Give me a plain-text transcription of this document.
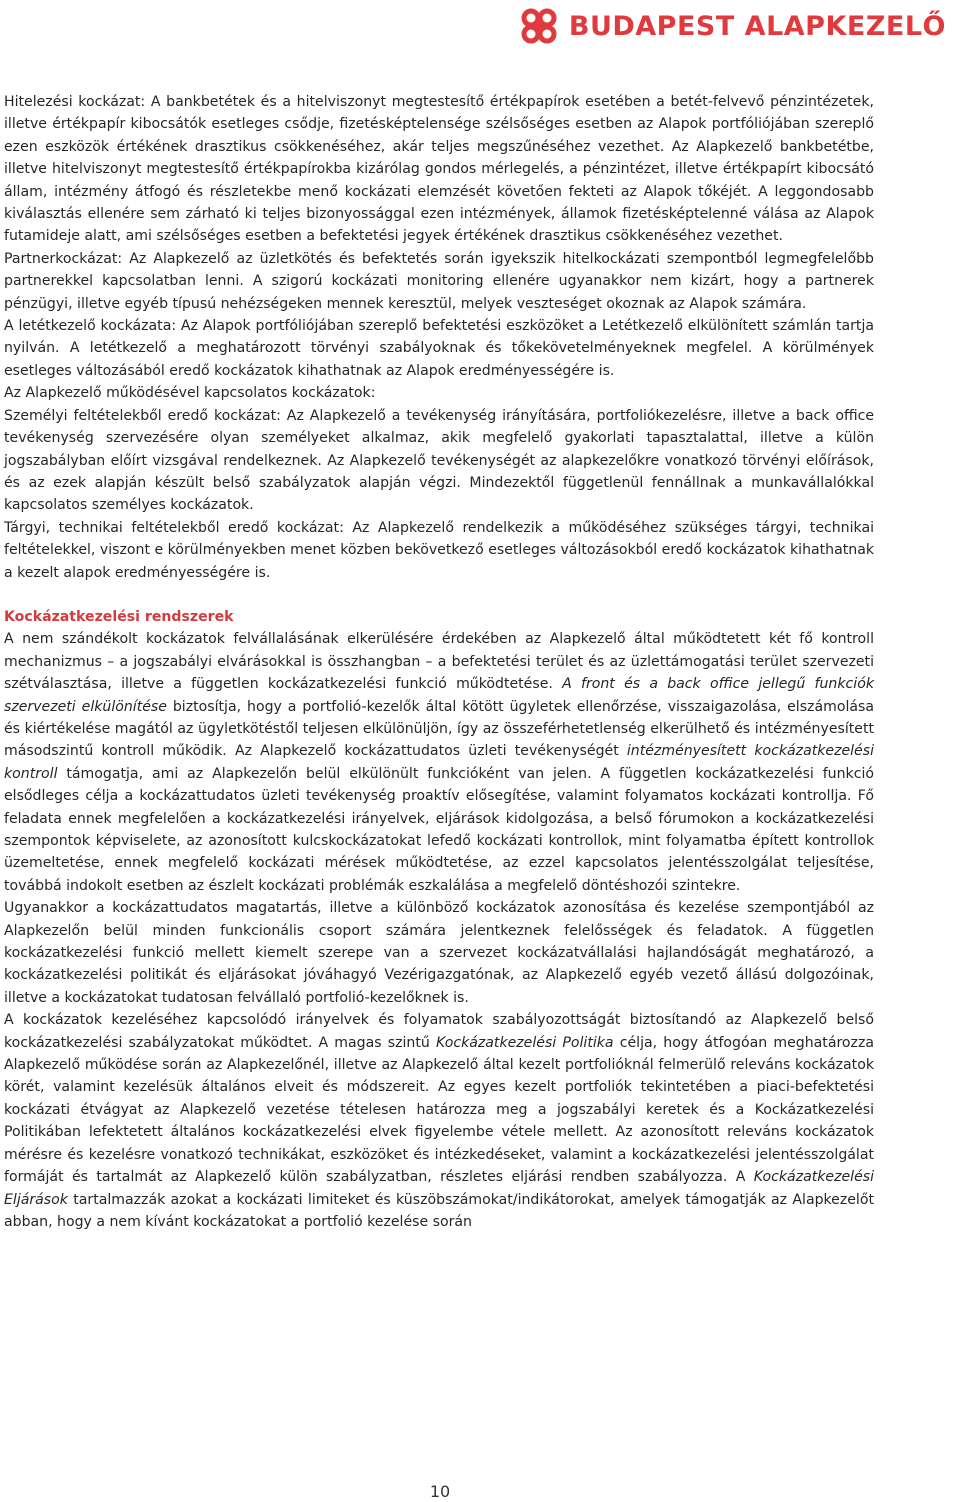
BUDAPEST ALAPKEZELŐ

Hitelezési kockázat: A bankbetétek és a hitelviszonyt megtestesítő értékpapírok esetében a betét-felvevő pénzintézetek, illetve értékpapír kibocsátók esetleges csődje, fizetésképtelensége szélsőséges esetben az Alapok portfóliójában szereplő ezen eszközök értékének drasztikus csökkenéséhez, akár teljes megszűnéséhez vezethet. Az Alapkezelő bankbetétbe, illetve hitelviszonyt megtestesítő értékpapírokba kizárólag gondos mérlegelés, a pénzintézet, illetve értékpapírt kibocsátó állam, intézmény átfogó és részletekbe menő kockázati elemzését követően fekteti az Alapok tőkéjét. A leggondosabb kiválasztás ellenére sem zárható ki teljes bizonyossággal ezen intézmények, államok fizetésképtelenné válása az Alapok futamideje alatt, ami szélsőséges esetben a befektetési jegyek értékének drasztikus csökkenéséhez vezethet.

Partnerkockázat: Az Alapkezelő az üzletkötés és befektetés során igyekszik hitelkockázati szempontból legmegfelelőbb partnerekkel kapcsolatban lenni. A szigorú kockázati monitoring ellenére ugyanakkor nem kizárt, hogy a partnerek pénzügyi, illetve egyéb típusú nehézségeken mennek keresztül, melyek veszteséget okoznak az Alapok számára.

A letétkezelő kockázata: Az Alapok portfóliójában szereplő befektetési eszközöket a Letétkezelő elkülönített számlán tartja nyilván. A letétkezelő a meghatározott törvényi szabályoknak és tőkekövetelményeknek megfelel. A körülmények esetleges változásából eredő kockázatok kihathatnak az Alapok eredményességére is.

Az Alapkezelő működésével kapcsolatos kockázatok:

Személyi feltételekből eredő kockázat: Az Alapkezelő a tevékenység irányítására, portfoliókezelésre, illetve a back office tevékenység szervezésére olyan személyeket alkalmaz, akik megfelelő gyakorlati tapasztalattal, illetve a külön jogszabályban előírt vizsgával rendelkeznek. Az Alapkezelő tevékenységét az alapkezelőkre vonatkozó törvényi előírások, és az ezek alapján készült belső szabályzatok alapján végzi. Mindezektől függetlenül fennállnak a munkavállalókkal kapcsolatos személyes kockázatok.

Tárgyi, technikai feltételekből eredő kockázat: Az Alapkezelő rendelkezik a működéséhez szükséges tárgyi, technikai feltételekkel, viszont e körülményekben menet közben bekövetkező esetleges változásokból eredő kockázatok kihathatnak a kezelt alapok eredményességére is.

Kockázatkezelési rendszerek

A nem szándékolt kockázatok felvállalásának elkerülésére érdekében az Alapkezelő által működtetett két fő kontroll mechanizmus – a jogszabályi elvárásokkal is összhangban – a befektetési terület és az üzlettámogatási terület szervezeti szétválasztása, illetve a független kockázatkezelési funkció működtetése. A front és a back office jellegű funkciók szervezeti elkülönítése biztosítja, hogy a portfolió-kezelők által kötött ügyletek ellenőrzése, visszaigazolása, elszámolása és kiértékelése magától az ügyletkötéstől teljesen elkülönüljön, így az összeférhetetlenség elkerülhető és intézményesített másodszintű kontroll működik. Az Alapkezelő kockázattudatos üzleti tevékenységét intézményesített kockázatkezelési kontroll támogatja, ami az Alapkezelőn belül elkülönült funkcióként van jelen. A független kockázatkezelési funkció elsődleges célja a kockázattudatos üzleti tevékenység proaktív elősegítése, valamint folyamatos kockázati kontrollja. Fő feladata ennek megfelelően a kockázatkezelési irányelvek, eljárások kidolgozása, a belső fórumokon a kockázatkezelési szempontok képviselete, az azonosított kulcskockázatokat lefedő kockázati kontrollok, mint folyamatba épített kontrollok üzemeltetése, ennek megfelelő kockázati mérések működtetése, az ezzel kapcsolatos jelentésszolgálat teljesítése, továbbá indokolt esetben az észlelt kockázati problémák eszkalálása a megfelelő döntéshozói szintekre.

Ugyanakkor a kockázattudatos magatartás, illetve a különböző kockázatok azonosítása és kezelése szempontjából az Alapkezelőn belül minden funkcionális csoport számára jelentkeznek felelősségek és feladatok. A független kockázatkezelési funkció mellett kiemelt szerepe van a szervezet kockázatvállalási hajlandóságát meghatározó, a kockázatkezelési politikát és eljárásokat jóváhagyó Vezérigazgatónak, az Alapkezelő egyéb vezető állású dolgozóinak, illetve a kockázatokat tudatosan felvállaló portfolió-kezelőknek is.

A kockázatok kezeléséhez kapcsolódó irányelvek és folyamatok szabályozottságát biztosítandó az Alapkezelő belső kockázatkezelési szabályzatokat működtet. A magas szintű Kockázatkezelési Politika célja, hogy átfogóan meghatározza Alapkezelő működése során az Alapkezelőnél, illetve az Alapkezelő által kezelt portfolióknál felmerülő releváns kockázatok körét, valamint kezelésük általános elveit és módszereit. Az egyes kezelt portfoliók tekintetében a piaci-befektetési kockázati étvágyat az Alapkezelő vezetése tételesen határozza meg a jogszabályi keretek és a Kockázatkezelési Politikában lefektetett általános kockázatkezelési elvek figyelembe vétele mellett. Az azonosított releváns kockázatok mérésre és kezelésre vonatkozó technikákat, eszközöket és intézkedéseket, valamint a kockázatkezelési jelentésszolgálat formáját és tartalmát az Alapkezelő külön szabályzatban, részletes eljárási rendben szabályozza. A Kockázatkezelési Eljárások tartalmazzák azokat a kockázati limiteket és küszöbszámokat/indikátorokat, amelyek támogatják az Alapkezelőt abban, hogy a nem kívánt kockázatokat a portfolió kezelése során

10
